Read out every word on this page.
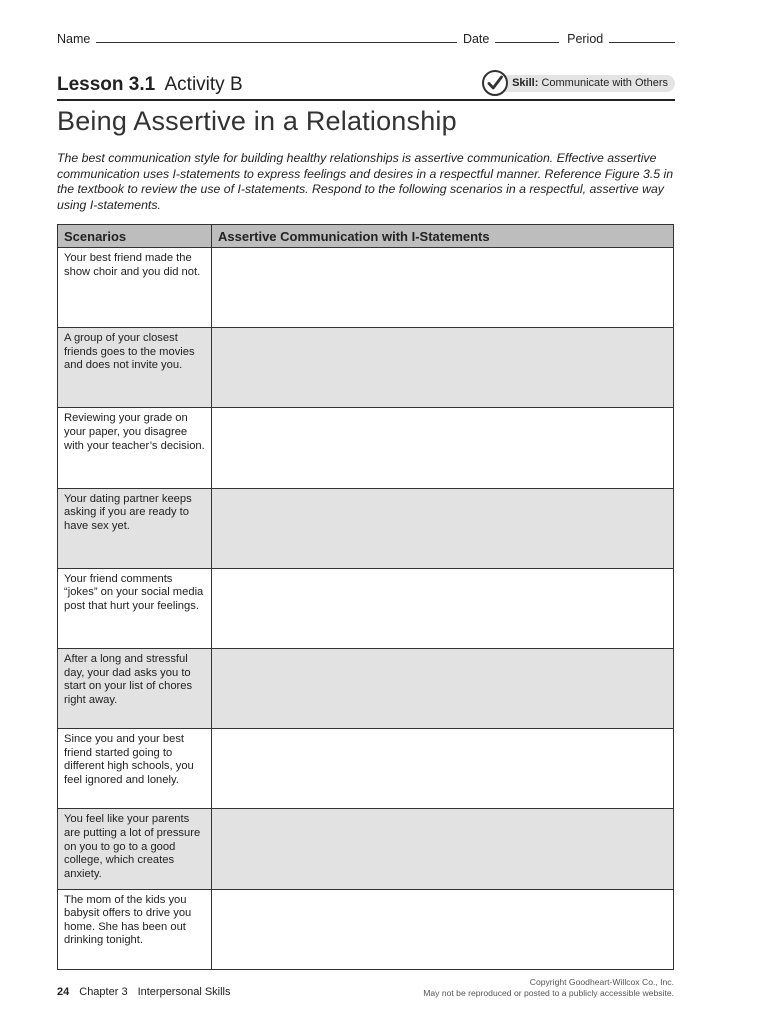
Name	Date	Period
Lesson 3.1 Activity B	Skill: Communicate with Others
Being Assertive in a Relationship

The best communication style for building healthy relationships is assertive communication. Effective assertive communication uses I-statements to express feelings and desires in a respectful manner. Reference Figure 3.5 in the textbook to review the use of I-statements. Respond to the following scenarios in a respectful, assertive way using I-statements.

Scenarios	Assertive Communication with I-Statements
Your best friend made the show choir and you did not.	
A group of your closest friends goes to the movies and does not invite you.	
Reviewing your grade on your paper, you disagree with your teacher’s decision.	
Your dating partner keeps asking if you are ready to have sex yet.	
Your friend comments “jokes” on your social media post that hurt your feelings.	
After a long and stressful day, your dad asks you to start on your list of chores right away.	
Since you and your best friend started going to different high schools, you feel ignored and lonely.	
You feel like your parents are putting a lot of pressure on you to go to a good college, which creates anxiety.	
The mom of the kids you babysit offers to drive you home. She has been out drinking tonight.	
24 Chapter 3 Interpersonal Skills
Copyright Goodheart-Willcox Co., Inc.
May not be reproduced or posted to a publicly accessible website.
